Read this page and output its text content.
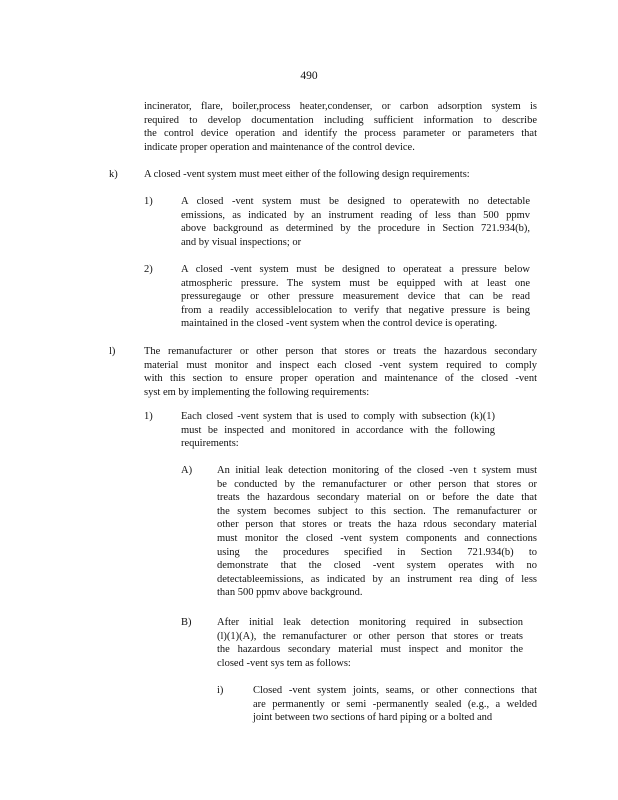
490
incinerator, flare, boiler,process heater,condenser, or carbon adsorption system is
required to develop documentation including sufficient information to describe
the control device operation and identify the process parameter or parameters that
indicate proper operation and maintenance of the control device.
k)	A closed -vent system must meet either of the following design requirements:
1)	A closed -vent system must be designed to operatewith no detectable
emissions, as indicated by an instrument reading of less than 500 ppmv
above background as determined by the procedure in Section 721.934(b),
and by visual inspections; or
2)	A closed -vent system must be designed to operateat a pressure below
atmospheric pressure. The system must be equipped with at least one
pressuregauge or other pressure measurement device that can be read
from a readily accessiblelocation to verify that negative pressure is being
maintained in the closed -vent system when the control device is operating.
l)	The remanufacturer or other person that stores or treats the hazardous secondary
material must monitor and inspect each closed -vent system required to comply
with this section to ensure proper operation and maintenance of the closed -vent
syst em by implementing the following requirements:
1)	Each closed -vent system that is used to comply with subsection (k)(1)
must be inspected and monitored in accordance with the following
requirements:
A) An initial leak detection monitoring of the closed -ven t system must
be conducted by the remanufacturer or other person that stores or
treats the hazardous secondary material on or before the date that
the system becomes subject to this section. The remanufacturer or
other person that stores or treats the haza rdous secondary material
must monitor the closed -vent system components and connections
using the procedures specified in Section 721.934(b) to
demonstrate that the closed -vent system operates with no
detectableemissions, as indicated by an instrument rea ding of less
than 500 ppmv above background.
B) After initial leak detection monitoring required in subsection
(l)(1)(A), the remanufacturer or other person that stores or treats
the hazardous secondary material must inspect and monitor the
closed -vent sys tem as follows:
i)	Closed -vent system joints, seams, or other connections that
are permanently or semi -permanently sealed (e.g., a welded
joint between two sections of hard piping or a bolted and
